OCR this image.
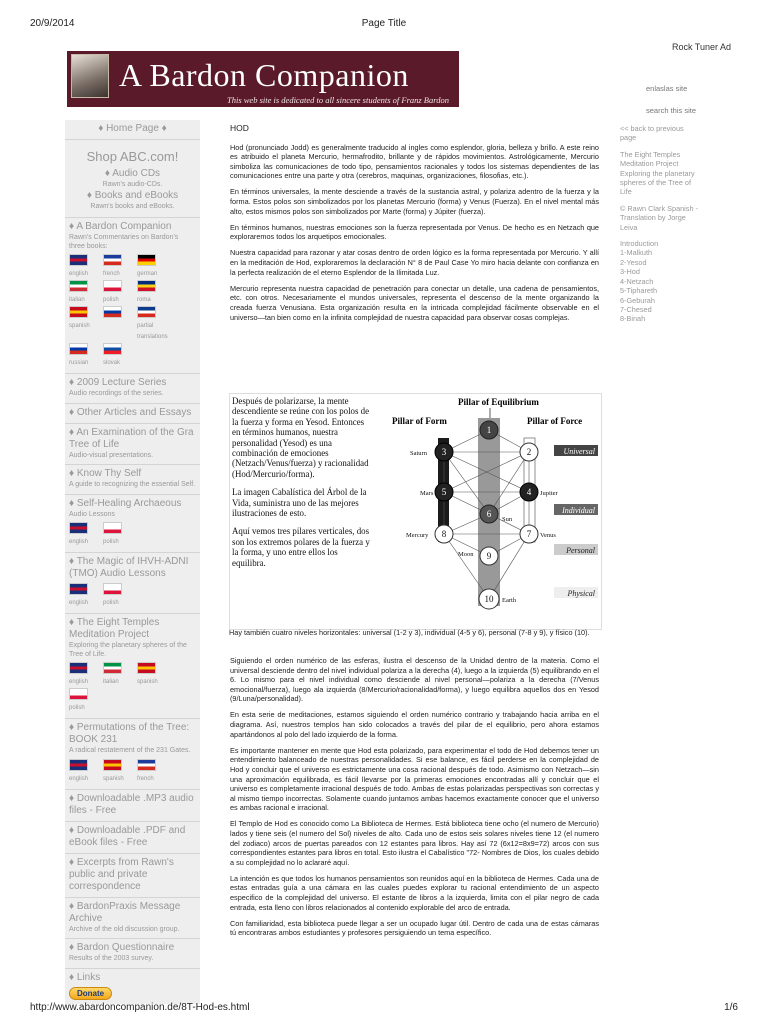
20/9/2014	Page Title
Rock Tuner Ad
A Bardon Companion
This web site is dedicated to all sincere students of Franz Bardon
enlaslas site
search this site
♦ Home Page ♦
Shop ABC.com!
♦ Audio CDs
Rawn's audio-CDs.
♦ Books and eBooks
Rawn's books and eBooks.
♦ A Bardon Companion
Rawn's Commentaries on Bardon's three books:
english	french	german
italian	polish	roma
spanish	partial translations
russian	slovak
♦ 2009 Lecture Series
Audio recordings of the series.
♦ Other Articles and Essays
♦ An Examination of the Gra Tree of Life
Audio-visual presentations.
♦ Know Thy Self
A guide to recognizing the essential Self.
♦ Self-Healing Archaeous
Audio Lessons
english	polish
♦ The Magic of IHVH-ADNI (TMO) Audio Lessons
english	polish
♦ The Eight Temples Meditation Project
Exploring the planetary spheres of the Tree of Life.
english	italian	spanish
polish
♦ Permutations of the Tree: BOOK 231
A radical restatement of the 231 Gates.
english	spanish	french
♦ Downloadable .MP3 audio files - Free
♦ Downloadable .PDF and eBook files - Free
♦ Excerpts from Rawn's public and private correspondence
♦ BardonPraxis Message Archive
Archive of the old discussion group.
♦ Bardon Questionnaire
Results of the 2003 survey.
♦ Links
Donate

HOD

Hod (pronunciado Jodd) es generalmente traducido al ingles como esplendor, gloria, belleza y brillo. A este reino es atribuido el planeta Mercurio, hermafrodito, brillante y de rápidos movimientos. Astrológicamente, Mercurio simboliza las comunicaciones de todo tipo, pensamientos racionales y todos los sistemas dependientes de las comunicaciones entre una parte y otra (cerebros, maquinas, organizaciones, filosofias, etc.).

En términos universales, la mente desciende a través de la sustancia astral, y polariza adentro de la fuerza y la forma. Estos polos son simbolizados por los planetas Mercurio (forma) y Venus (Fuerza). En el nivel mental más alto, estos mismos polos son simbolizados por Marte (forma) y Júpiter (fuerza).

En términos humanos, nuestras emociones son la fuerza representada por Venus. De hecho es en Netzach que exploraremos todos los arquetipos emocionales.

Nuestra capacidad para razonar y atar cosas dentro de orden lógico es la forma representada por Mercurio. Y allí en la meditación de Hod, exploraremos la declaración N° 8 de Paul Case Yo miro hacia delante con confianza en la perfecta realización de el eterno Esplendor de la Ilimitada Luz.

Mercurio representa nuestra capacidad de penetración para conectar un detalle, una cadena de pensamientos, etc. con otros. Necesariamente el mundos universales, representa el descenso de la mente organizando la creada fuerza Venusiana. Esta organización resulta en la intricada complejidad fácilmente observable en el universo—tan bien como en la infinita complejidad de nuestra capacidad para observar cosas complejas.

Después de polarizarse, la mente descendiente se reúne con los polos de la fuerza y forma en Yesod. Entonces en términos humanos, nuestra personalidad (Yesod) es una combinación de emociones (Netzach/Venus/fuerza) y racionalidad (Hod/Mercurio/forma).

La imagen Cabalística del Árbol de la Vida, suministra uno de las mejores ilustraciones de esto.

Aquí vemos tres pilares verticales, dos son los extremos polares de la fuerza y la forma, y uno entre ellos los equilibra.

Pillar of Equilibrium
Pillar of Form	Pillar of Force
1
3	2
5	4
6
8	7
9
10
Saturn
Mars
Mercury
Moon
Sun
Earth
Jupiter
Venus
Universal
Individual
Personal
Physical
Hay también cuatro niveles horizontales: universal (1-2 y 3), individual (4-5 y 6), personal (7-8 y 9), y físico (10).

Siguiendo el orden numérico de las esferas, ilustra el descenso de la Unidad dentro de la materia. Como el universal desciende dentro del nivel individual polariza a la derecha (4), luego a la izquierda (5) equilibrando en el 6. Lo mismo para el nivel individual como desciende al nivel personal—polariza a la derecha (7/Venus emocional/fuerza), luego ala izquierda (8/Mercurio/racionalidad/forma), y luego equilibra aquellos dos en Yesod (9/Luna/personalidad).

En esta serie de meditaciones, estamos siguiendo el orden numérico contrario y trabajando hacia arriba en el diagrama. Así, nuestros templos han sido colocados a través del pilar de el equilibrio, pero ahora estamos apartándonos al polo del lado izquierdo de la forma.

Es importante mantener en mente que Hod esta polarizado, para experimentar el todo de Hod debemos tener un entendimiento balanceado de nuestras personalidades. Si ese balance, es fácil perderse en la complejidad de Hod y concluir que el universo es estrictamente una cosa racional después de todo. Asimismo con Netzach—sin una aproximación equilibrada, es fácil llevarse por la primeras emociones encontradas allí y concluir que el universo es completamente irracional después de todo. Ambas de estas polarizadas perspectivas son correctas y al mismo tiempo incorrectas. Solamente cuando juntamos ambas hacemos exactamente conocer que el universo es ambas racional e irracional.

El Templo de Hod es conocido como La Biblioteca de Hermes. Está biblioteca tiene ocho (el numero de Mercurio) lados y tiene seis (el numero del Sol) niveles de alto. Cada uno de estos seis solares niveles tiene 12 (el numero del zodiaco) arcos de puertas pareados con 12 estantes para libros. Hay así 72 (6x12=8x9=72) arcos con sus correspondientes estantes para libros en total. Esto ilustra el Cabalístico "72- Nombres de Dios, los cuales debido a su complejidad no lo aclararé aquí.

La intención es que todos los humanos pensamientos son reunidos aquí en la biblioteca de Hermes. Cada una de estas entradas guía a una cámara en las cuales puedes explorar tu racional entendimiento de un aspecto especifico de la complejidad del universo. El estante de libros a la izquierda, limita con el pilar negro de cada entrada, esta lleno con libros relacionados al contenido explorable del arco de entrada.

Con familiaridad, esta biblioteca puede llegar a ser un ocupado lugar útil. Dentro de cada una de estas cámaras tú encontraras ambos estudiantes y profesores persiguiendo un tema específico.

<< back to previous page

The Eight Temples Meditation Project Exploring the planetary spheres of the Tree of Life

© Rawn Clark Spanish - Translation by Jorge Leiva

Introduction
1-Malkuth
2-Yesod
3-Hod
4-Netzach
5-Tiphareth
6-Geburah
7-Chesed
8-Binah
http://www.abardoncompanion.de/8T-Hod-es.html	1/6
